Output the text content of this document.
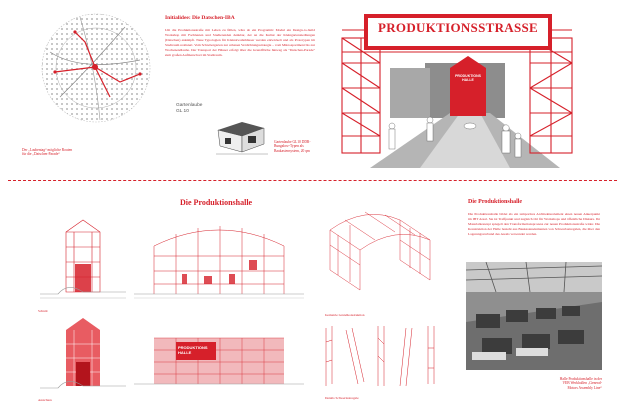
Der „Laubentag“ mögliche Routen für die „Datschen-Parade“
Initialidee: Die Datschen-IBA
Um die Produktionsstraße mit Leben zu füllen, wäre ab ein Programm: Modul ein Design-to-build Workshop mit Fachleuten und Studierenden denkbar, der an die Kultur der Kleingartensiedlungen (Datschen) anknüpft. Neue Typologien für Kleinstwohnhäuser werden entwickelt und als Prototypen im Stadtraum realisiert. Vom Schrebergarten zur urbanen Verdichtungsstrategie – vom Mikroapartment bis zur Wochenendlaube. Der Transport der Häuser erfolgt über die Grundfläche hinweg als "Datschen-Parade" zum großen Aufmarschort im Stadtraum.
Gartenlaube GL 10
Gartenlaube GL10 DDR-Bungalow-Typen als Baukastensystem, 20 qm
PRODUKTIONSSTRASSE
PRODUKTIONS HALLE
Die Produktionshalle
Schnitt
Ansichten
PRODUKTIONS HALLE
Isometrie Grundkonstruktion
Details Schwerlastregale
Die Produktionshalle
Die Produktionshalle bildet als ein temporäres Architekturelement einen neuen Ankerpunkt im IBT Areal. Sie ist Treffpunkt und zugleich Ort für Workshops und öffentliche Diskurs. Ihr Materialkonzept spiegelt den Transformationsprozess zur neuen Produktionsstraße wider. Die Konstruktion der Halle besteht aus Baukastenelementen von Schwerlastregalen, die über den Lagerungsverbund des Areals verwendet werden.
Halle Produktionshalle in der VEB Werkhallen „General-Motors Assembly Line“
